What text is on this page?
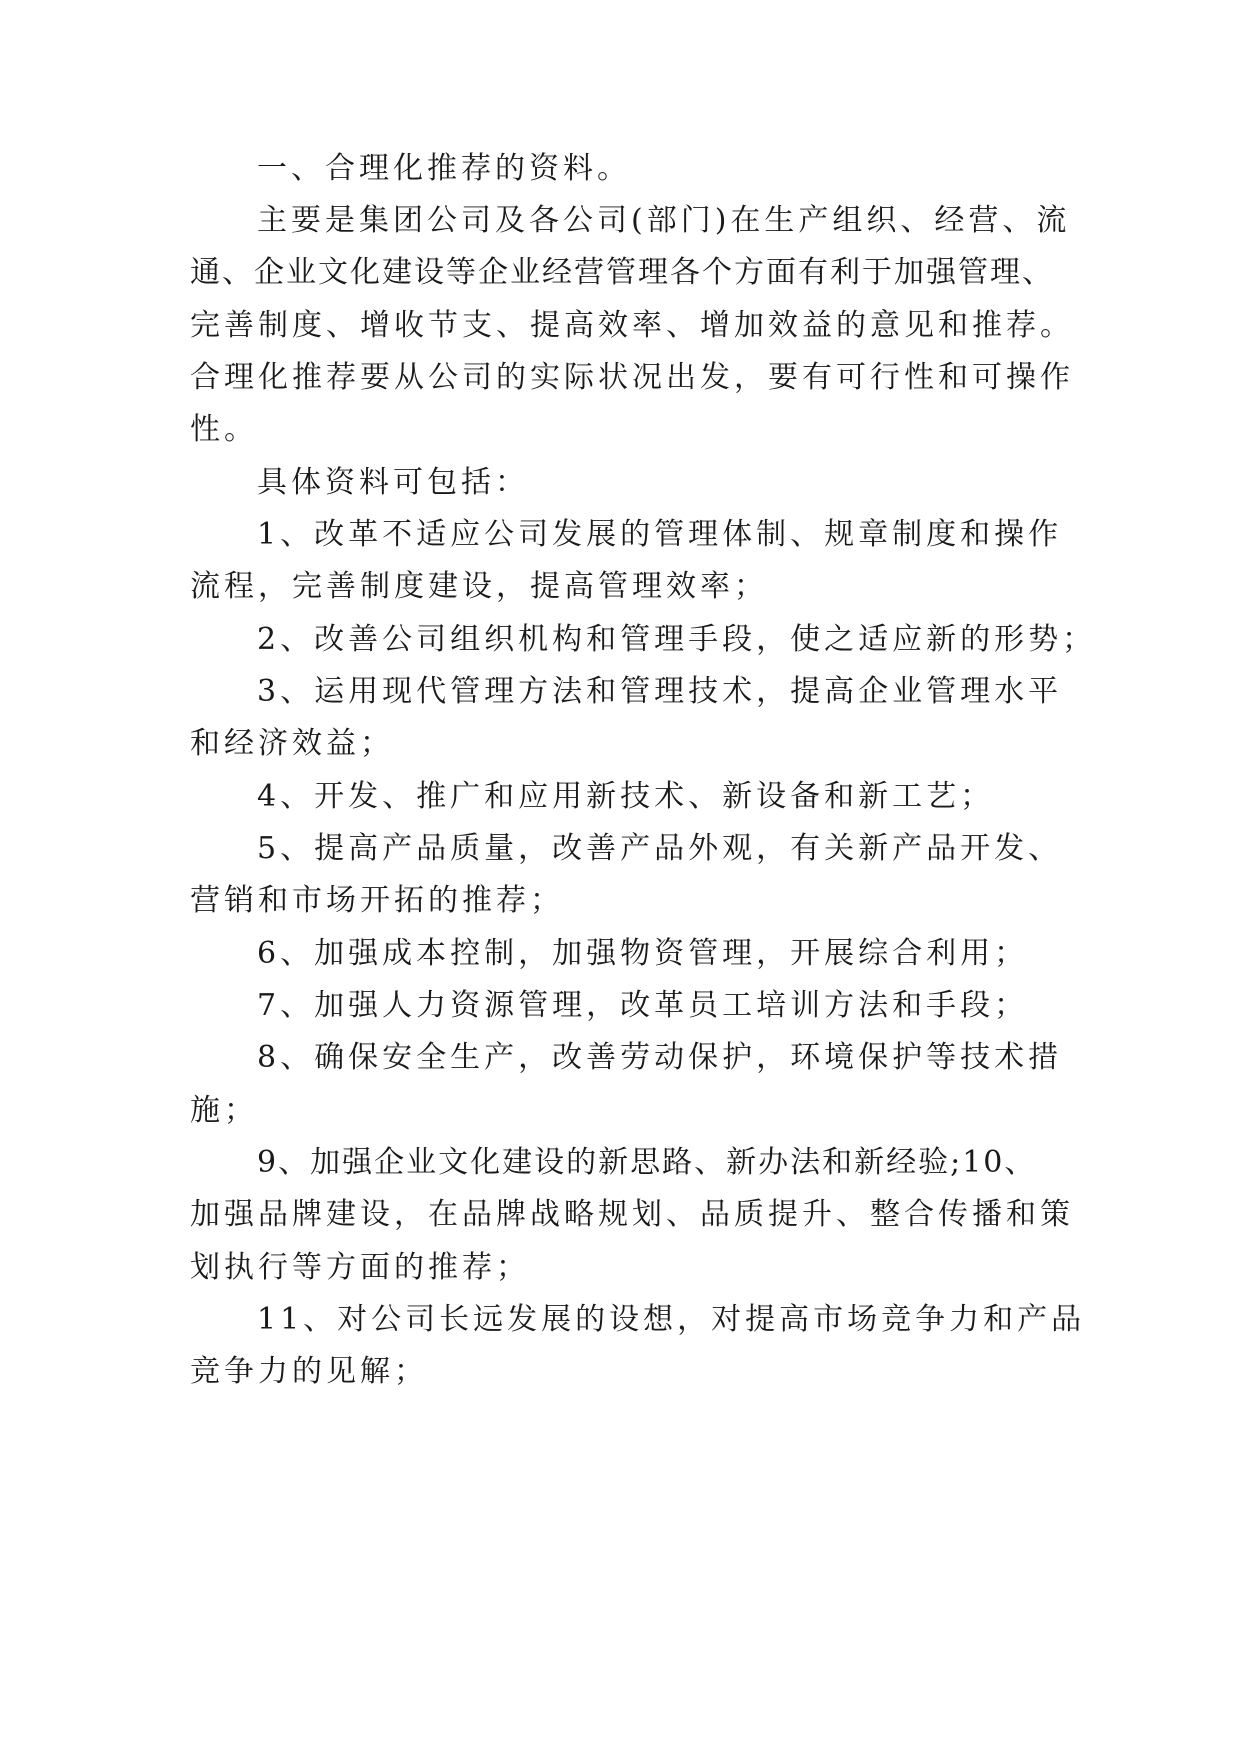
一、合理化推荐的资料。
主要是集团公司及各公司(部门)在生产组织、经营、流
通、企业文化建设等企业经营管理各个方面有利于加强管理、
完善制度、增收节支、提高效率、增加效益的意见和推荐。
合理化推荐要从公司的实际状况出发，要有可行性和可操作
性。
具体资料可包括：
1、改革不适应公司发展的管理体制、规章制度和操作
流程，完善制度建设，提高管理效率；
2、改善公司组织机构和管理手段，使之适应新的形势；
3、运用现代管理方法和管理技术，提高企业管理水平
和经济效益；
4、开发、推广和应用新技术、新设备和新工艺；
5、提高产品质量，改善产品外观，有关新产品开发、
营销和市场开拓的推荐；
6、加强成本控制，加强物资管理，开展综合利用；
7、加强人力资源管理，改革员工培训方法和手段；
8、确保安全生产，改善劳动保护，环境保护等技术措
施；
9、加强企业文化建设的新思路、新办法和新经验;10、
加强品牌建设，在品牌战略规划、品质提升、整合传播和策
划执行等方面的推荐；
11、对公司长远发展的设想，对提高市场竞争力和产品
竞争力的见解；
